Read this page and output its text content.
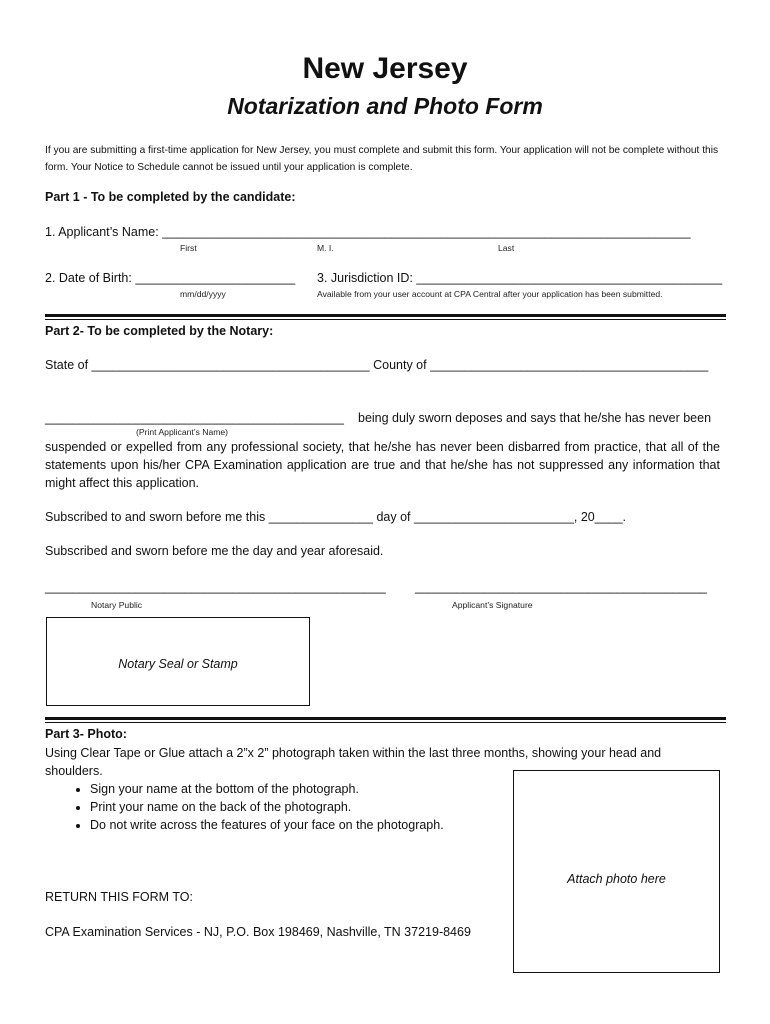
New Jersey
Notarization and Photo Form
If you are submitting a first-time application for New Jersey, you must complete and submit this form. Your application will not be complete without this form. Your Notice to Schedule cannot be issued until your application is complete.
Part 1 - To be completed by the candidate:
1. Applicant’s Name: ____________________________________________________________________________
First	M. I.	Last
2. Date of Birth: _______________________
mm/dd/yyyy
3. Jurisdiction ID: ____________________________________________
Available from your user account at CPA Central after your application has been submitted.
Part 2- To be completed by the Notary:
State of ________________________________________ County of ________________________________________
___________________________________________
(Print Applicant’s Name)
being duly sworn deposes and says that he/she has never been
suspended or expelled from any professional society, that he/she has never been disbarred from practice, that all of the statements upon his/her CPA Examination application are true and that he/she has not suppressed any information that might affect this application.
Subscribed to and sworn before me this _______________ day of _______________________, 20____.
Subscribed and sworn before me the day and year aforesaid.
_________________________________________________ __________________________________________
Notary Public	Applicant’s Signature
Notary Seal or Stamp
Part 3- Photo:
Using Clear Tape or Glue attach a 2”x 2” photograph taken within the last three months, showing your head and shoulders.
• Sign your name at the bottom of the photograph.
• Print your name on the back of the photograph.
• Do not write across the features of your face on the photograph.
RETURN THIS FORM TO:
CPA Examination Services - NJ, P.O. Box 198469, Nashville, TN 37219-8469
Attach photo here
